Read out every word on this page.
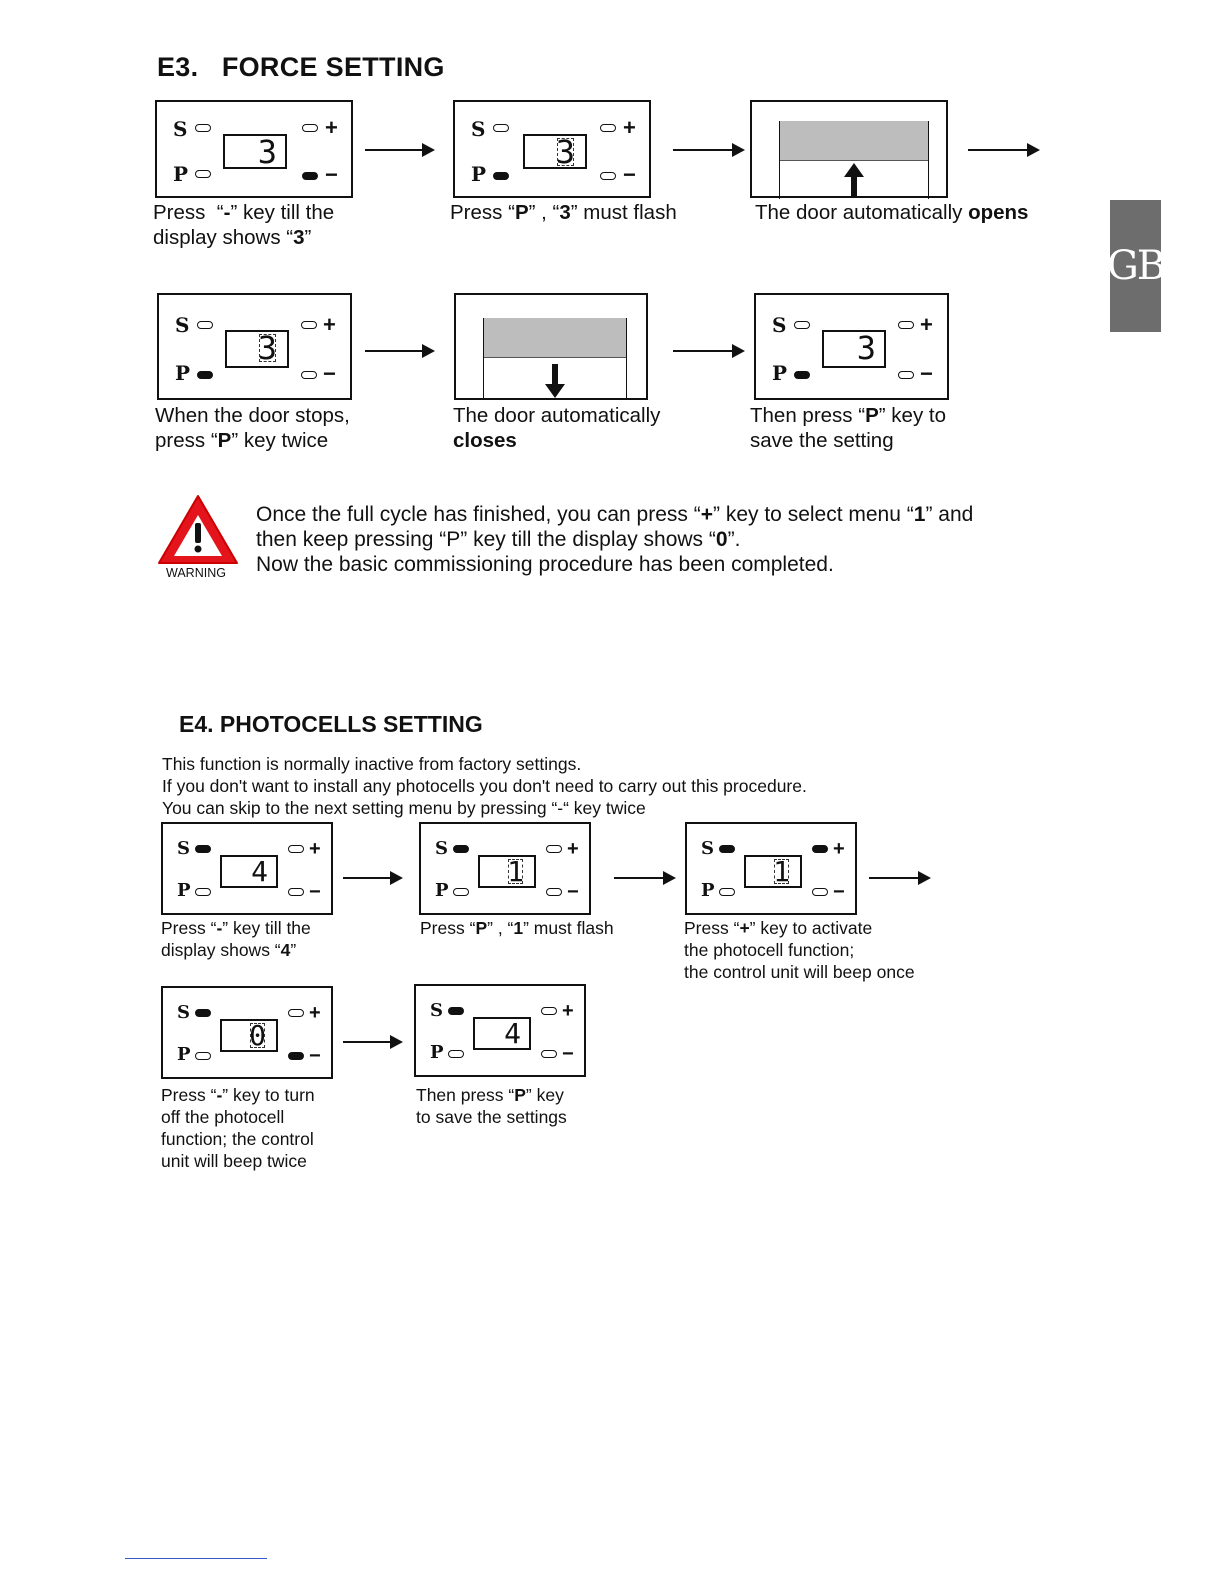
GB
E3.   FORCE SETTING
S
P
+
−
3
S
P
+
−
3
Press  “-” key till the
display shows “3”
Press “P” , “3” must flash	The door automatically opens
S
P
+
−
3
S
P
+
−
3
When the door stops,
press “P” key twice
The door automatically
closes
Then press “P” key to
save the setting
WARNING
Once the full cycle has finished, you can press “+” key to select menu “1” and
then keep pressing “P” key till the display shows “0”.
Now the basic commissioning procedure has been completed.
E4. PHOTOCELLS SETTING
This function is normally inactive from factory settings.
If you don't want to install any photocells you don't need to carry out this procedure.
You can skip to the next setting menu by pressing “-“ key twice
S
P
+
−
4
S
P
+
−
1
S
P
+
−
1
Press “-” key till the
display shows “4”
Press “P” , “1” must flash	Press “+” key to activate
the photocell function;
the control unit will beep once
S
P
+
−
0
S
P
+
−
4
Press “-” key to turn
off the photocell
function; the control
unit will beep twice
Then press “P” key
to save the settings
